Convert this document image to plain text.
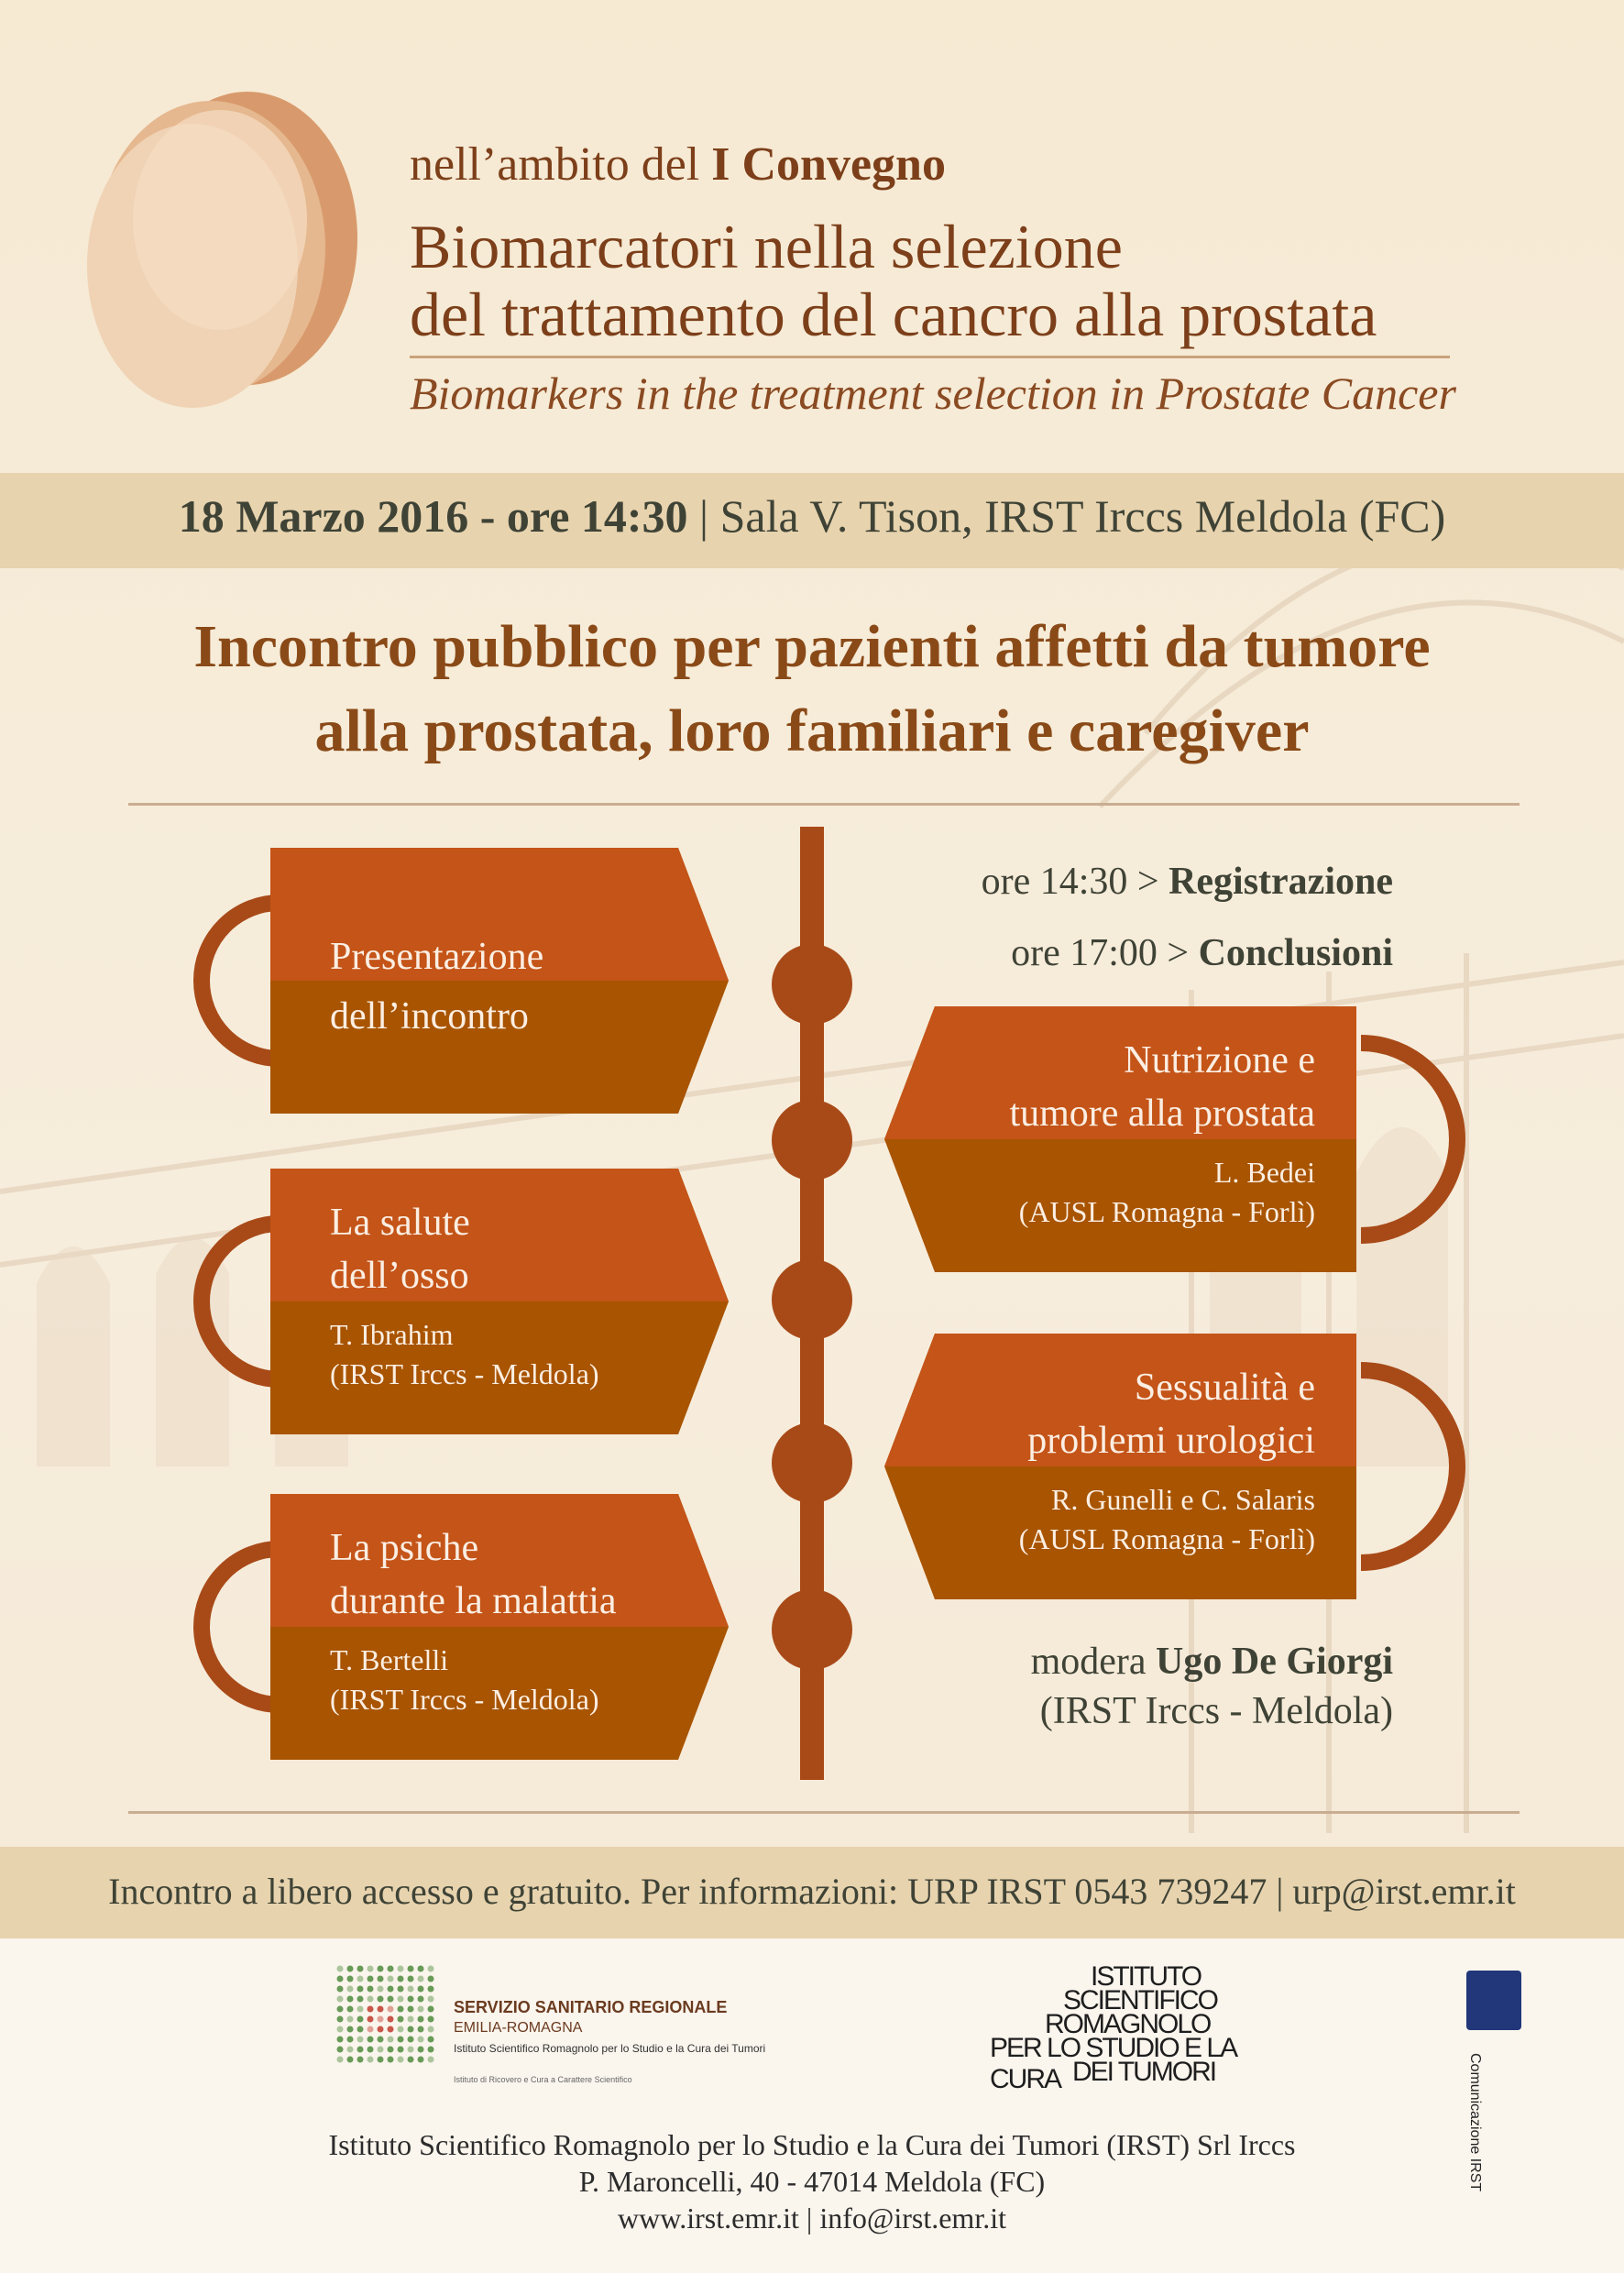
nell’ambito del I Convegno
Biomarcatori nella selezione
del trattamento del cancro alla prostata
Biomarkers in the treatment selection in Prostate Cancer
18 Marzo 2016 - ore 14:30 | Sala V. Tison, IRST Irccs Meldola (FC)
Incontro pubblico per pazienti affetti da tumore
alla prostata, loro familiari e caregiver
Presentazione
dell’incontro
La salute
dell’osso
T. Ibrahim
(IRST Irccs - Meldola)
La psiche
durante la malattia
T. Bertelli
(IRST Irccs - Meldola)
ore 14:30 > Registrazione
ore 17:00 > Conclusioni
Nutrizione e
tumore alla prostata
L. Bedei
(AUSL Romagna - Forlì)
Sessualità e
problemi urologici
R. Gunelli e C. Salaris
(AUSL Romagna - Forlì)
modera Ugo De Giorgi
(IRST Irccs - Meldola)
Incontro a libero accesso e gratuito. Per informazioni: URP IRST 0543 739247 | urp@irst.emr.it
SERVIZIO SANITARIO REGIONALE
EMILIA-ROMAGNA
Istituto Scientifico Romagnolo per lo Studio e la Cura dei Tumori
Istituto di Ricovero e Cura a Carattere Scientifico
ISTITUTO
SCIENTIFICO
ROMAGNOLO
PER LO STUDIO E LA CURA DEI TUMORI	Comunicazione IRST
Istituto Scientifico Romagnolo per lo Studio e la Cura dei Tumori (IRST) Srl Irccs
P. Maroncelli, 40 - 47014 Meldola (FC)
www.irst.emr.it | info@irst.emr.it
